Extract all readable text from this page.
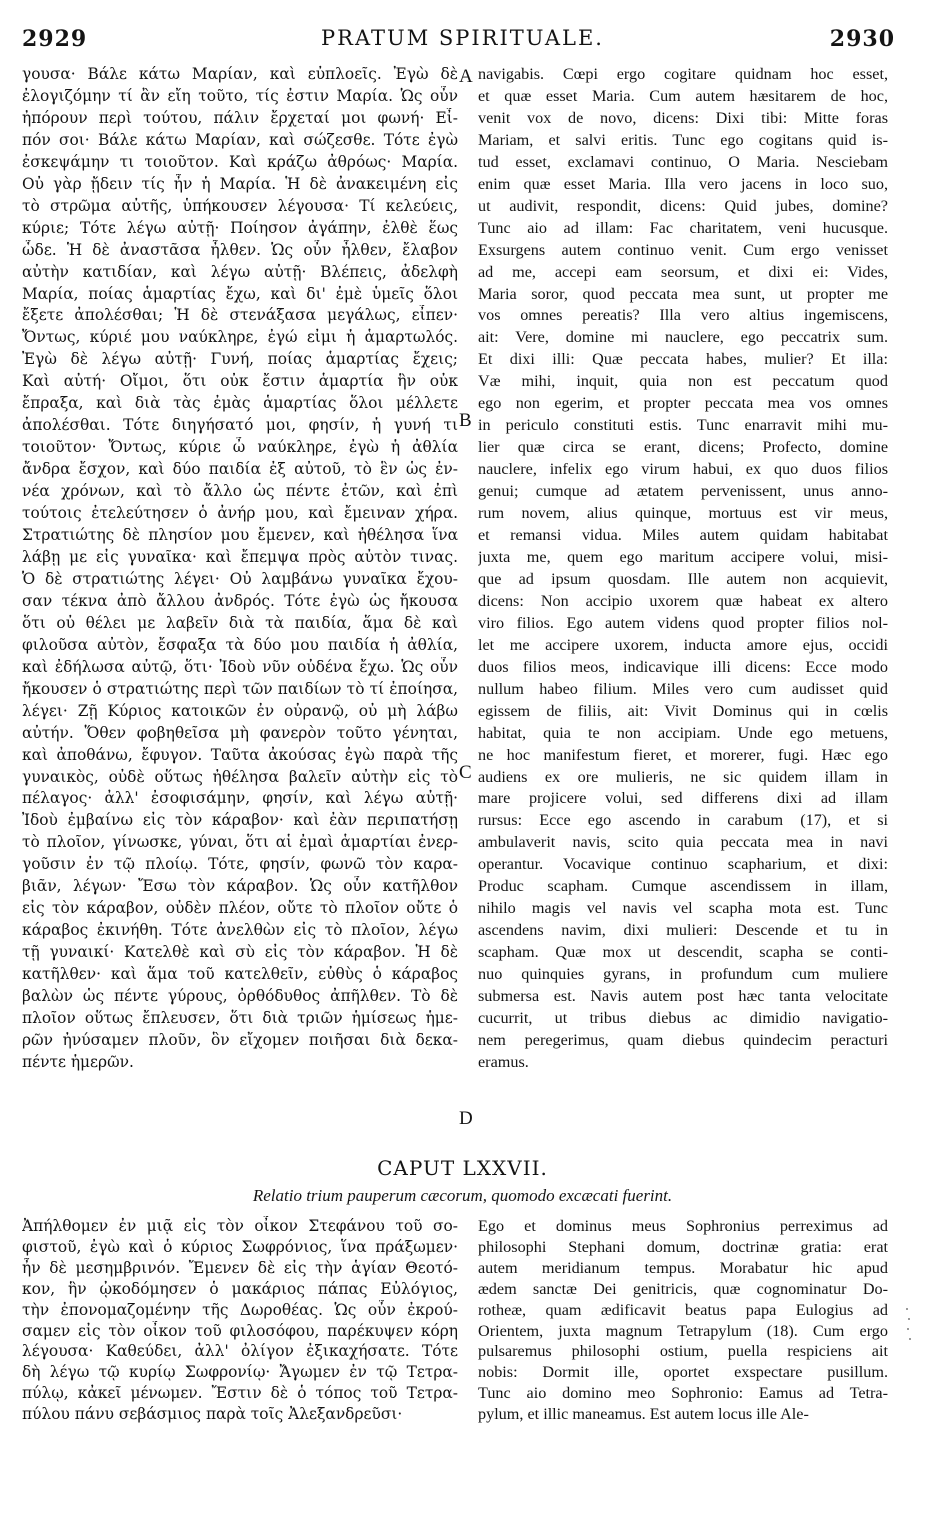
2929	PRATUM SPIRITUALE.	2930
γουσα· Βάλε κάτω Μαρίαν, καὶ εὐπλοεῖς. Ἐγὼ δὲ
ἐλογιζόμην τί ἂν εἴη τοῦτο, τίς ἐστιν Μαρία. Ὡς οὖν
ἠπόρουν περὶ τούτου, πάλιν ἔρχεταί μοι φωνή· Εἶ-
πόν σοι· Βάλε κάτω Μαρίαν, καὶ σώζεσθε. Τότε ἐγὼ
ἐσκεψάμην τι τοιοῦτον. Καὶ κράζω ἀθρόως· Μαρία.
Οὐ γὰρ ᾔδειν τίς ἦν ἡ Μαρία. Ἡ δὲ ἀνακειμένη εἰς
τὸ στρῶμα αὐτῆς, ὑπήκουσεν λέγουσα· Τί κελεύεις,
κύριε; Τότε λέγω αὐτῇ· Ποίησον ἀγάπην, ἐλθὲ ἕως
ὧδε. Ἡ δὲ ἀναστᾶσα ἦλθεν. Ὡς οὖν ἦλθεν, ἔλαβον
αὐτὴν κατιδίαν, καὶ λέγω αὐτῇ· Βλέπεις, ἀδελφὴ
Μαρία, ποίας ἁμαρτίας ἔχω, καὶ δι' ἐμὲ ὑμεῖς ὅλοι
ἔξετε ἀπολέσθαι; Ἡ δὲ στενάξασα μεγάλως, εἶπεν·
Ὄντως, κύριέ μου ναύκληρε, ἐγώ εἰμι ἡ ἁμαρτωλός.
Ἐγὼ δὲ λέγω αὐτῇ· Γυνή, ποίας ἁμαρτίας ἔχεις;
Καὶ αὐτή· Οἴμοι, ὅτι οὐκ ἔστιν ἁμαρτία ἣν οὐκ
ἔπραξα, καὶ διὰ τὰς ἐμὰς ἁμαρτίας ὅλοι μέλλετε
ἀπολέσθαι. Τότε διηγήσατό μοι, φησίν, ἡ γυνή τι
τοιοῦτον· Ὄντως, κύριε ὦ ναύκληρε, ἐγὼ ἡ ἀθλία
ἄνδρα ἔσχον, καὶ δύο παιδία ἐξ αὐτοῦ, τὸ ἓν ὡς ἐν-
νέα χρόνων, καὶ τὸ ἄλλο ὡς πέντε ἐτῶν, καὶ ἐπὶ
τούτοις ἐτελεύτησεν ὁ ἀνήρ μου, καὶ ἔμειναν χήρα.
Στρατιώτης δὲ πλησίον μου ἔμενεν, καὶ ἠθέλησα ἵνα
λάβῃ με εἰς γυναῖκα· καὶ ἔπεμψα πρὸς αὐτὸν τινας.
Ὁ δὲ στρατιώτης λέγει· Οὐ λαμβάνω γυναῖκα ἔχου-
σαν τέκνα ἀπὸ ἄλλου ἀνδρός. Τότε ἐγὼ ὡς ἤκουσα
ὅτι οὐ θέλει με λαβεῖν διὰ τὰ παιδία, ἅμα δὲ καὶ
φιλοῦσα αὐτὸν, ἔσφαξα τὰ δύο μου παιδία ἡ ἀθλία,
καὶ ἐδήλωσα αὐτῷ, ὅτι· Ἰδοὺ νῦν οὐδένα ἔχω. Ὡς οὖν
ἤκουσεν ὁ στρατιώτης περὶ τῶν παιδίων τὸ τί ἐποίησα,
λέγει· Ζῇ Κύριος κατοικῶν ἐν οὐρανῷ, οὐ μὴ λάβω
αὐτήν. Ὅθεν φοβηθεῖσα μὴ φανερὸν τοῦτο γένηται,
καὶ ἀποθάνω, ἔφυγον. Ταῦτα ἀκούσας ἐγὼ παρὰ τῆς
γυναικὸς, οὐδὲ οὕτως ἠθέλησα βαλεῖν αὐτὴν εἰς τὸ
πέλαγος· ἀλλ' ἐσοφισάμην, φησίν, καὶ λέγω αὐτῇ·
Ἰδοὺ ἐμβαίνω εἰς τὸν κάραβον· καὶ ἐὰν περιπατήσῃ
τὸ πλοῖον, γίνωσκε, γύναι, ὅτι αἱ ἐμαὶ ἁμαρτίαι ἐνερ-
γοῦσιν ἐν τῷ πλοίῳ. Τότε, φησίν, φωνῶ τὸν καρα-
βιᾶν, λέγων· Ἔσω τὸν κάραβον. Ὡς οὖν κατῆλθον
εἰς τὸν κάραβον, οὐδὲν πλέον, οὔτε τὸ πλοῖον οὔτε ὁ
κάραβος ἐκινήθη. Τότε ἀνελθὼν εἰς τὸ πλοῖον, λέγω
τῇ γυναικί· Κατελθὲ καὶ σὺ εἰς τὸν κάραβον. Ἡ δὲ
κατῆλθεν· καὶ ἅμα τοῦ κατελθεῖν, εὐθὺς ὁ κάραβος
βαλὼν ὡς πέντε γύρους, ὀρθόδυθος ἀπῆλθεν. Τὸ δὲ
πλοῖον οὕτως ἔπλευσεν, ὅτι διὰ τριῶν ἡμίσεως ἡμε-
ρῶν ἠνύσαμεν πλοῦν, ὃν εἴχομεν ποιῆσαι διὰ δεκα-
πέντε ἡμερῶν.
navigabis. Cœpi ergo cogitare quidnam hoc esset,
et quæ esset Maria. Cum autem hæsitarem de hoc,
venit vox de novo, dicens: Dixi tibi: Mitte foras
Mariam, et salvi eritis. Tunc ego cogitans quid is-
tud esset, exclamavi continuo, O Maria. Nesciebam
enim quæ esset Maria. Illa vero jacens in loco suo,
ut audivit, respondit, dicens: Quid jubes, domine?
Tunc aio ad illam: Fac charitatem, veni hucusque.
Exsurgens autem continuo venit. Cum ergo venisset
ad me, accepi eam seorsum, et dixi ei: Vides,
Maria soror, quod peccata mea sunt, ut propter me
vos omnes pereatis? Illa vero altius ingemiscens,
ait: Vere, domine mi nauclere, ego peccatrix sum.
Et dixi illi: Quæ peccata habes, mulier? Et illa:
Væ mihi, inquit, quia non est peccatum quod
ego non egerim, et propter peccata mea vos omnes
in periculo constituti estis. Tunc enarravit mihi mu-
lier quæ circa se erant, dicens; Profecto, domine
nauclere, infelix ego virum habui, ex quo duos filios
genui; cumque ad ætatem pervenissent, unus anno-
rum novem, alius quinque, mortuus est vir meus,
et remansi vidua. Miles autem quidam habitabat
juxta me, quem ego maritum accipere volui, misi-
que ad ipsum quosdam. Ille autem non acquievit,
dicens: Non accipio uxorem quæ habeat ex altero
viro filios. Ego autem videns quod propter filios nol-
let me accipere uxorem, inducta amore ejus, occidi
duos filios meos, indicavique illi dicens: Ecce modo
nullum habeo filium. Miles vero cum audisset quid
egissem de filiis, ait: Vivit Dominus qui in cœlis
habitat, quia te non accipiam. Unde ego metuens,
ne hoc manifestum fieret, et morerer, fugi. Hæc ego
audiens ex ore mulieris, ne sic quidem illam in
mare projicere volui, sed differens dixi ad illam
rursus: Ecce ego ascendo in carabum (17), et si
ambulaverit navis, scito quia peccata mea in navi
operantur. Vocavique continuo scapharium, et dixi:
Produc scapham. Cumque ascendissem in illam,
nihilo magis vel navis vel scapha mota est. Tunc
ascendens navim, dixi mulieri: Descende et tu in
scapham. Quæ mox ut descendit, scapha se conti-
nuo quinquies gyrans, in profundum cum muliere
submersa est. Navis autem post hæc tanta velocitate
cucurrit, ut tribus diebus ac dimidio navigatio-
nem peregerimus, quam diebus quindecim peracturi
eramus.
A
B
C
D
CAPUT LXXVII.
Relatio trium pauperum cæcorum, quomodo excæcati fuerint.
Ἀπήλθομεν ἐν μιᾷ εἰς τὸν οἶκον Στεφάνου τοῦ σο-
φιστοῦ, ἐγὼ καὶ ὁ κύριος Σωφρόνιος, ἵνα πράξωμεν·
ἦν δὲ μεσημβρινόν. Ἔμενεν δὲ εἰς τὴν ἁγίαν Θεοτό-
κον, ἣν ᾠκοδόμησεν ὁ μακάριος πάπας Εὐλόγιος,
τὴν ἐπονομαζομένην τῆς Δωροθέας. Ὡς οὖν ἐκρού-
σαμεν εἰς τὸν οἶκον τοῦ φιλοσόφου, παρέκυψεν κόρη
λέγουσα· Καθεύδει, ἀλλ' ὀλίγον ἐξικαχήσατε. Τότε
δὴ λέγω τῷ κυρίῳ Σωφρονίῳ· Ἄγωμεν ἐν τῷ Τετρα-
πύλῳ, κἀκεῖ μένωμεν. Ἔστιν δὲ ὁ τόπος τοῦ Τετρα-
πύλου πάνυ σεβάσμιος παρὰ τοῖς Ἀλεξανδρεῦσι·
Ego et dominus meus Sophronius perreximus ad
philosophi Stephani domum, doctrinæ gratia: erat
autem meridianum tempus. Morabatur hic apud
ædem sanctæ Dei genitricis, quæ cognominatur Do-
rotheæ, quam ædificavit beatus papa Eulogius ad
Orientem, juxta magnum Tetrapylum (18). Cum ergo
pulsaremus philosophi ostium, puella respiciens ait
nobis: Dormit ille, oportet exspectare pusillum.
Tunc aio domino meo Sophronio: Eamus ad Tetra-
pylum, et illic maneamus. Est autem locus ille Ale-
